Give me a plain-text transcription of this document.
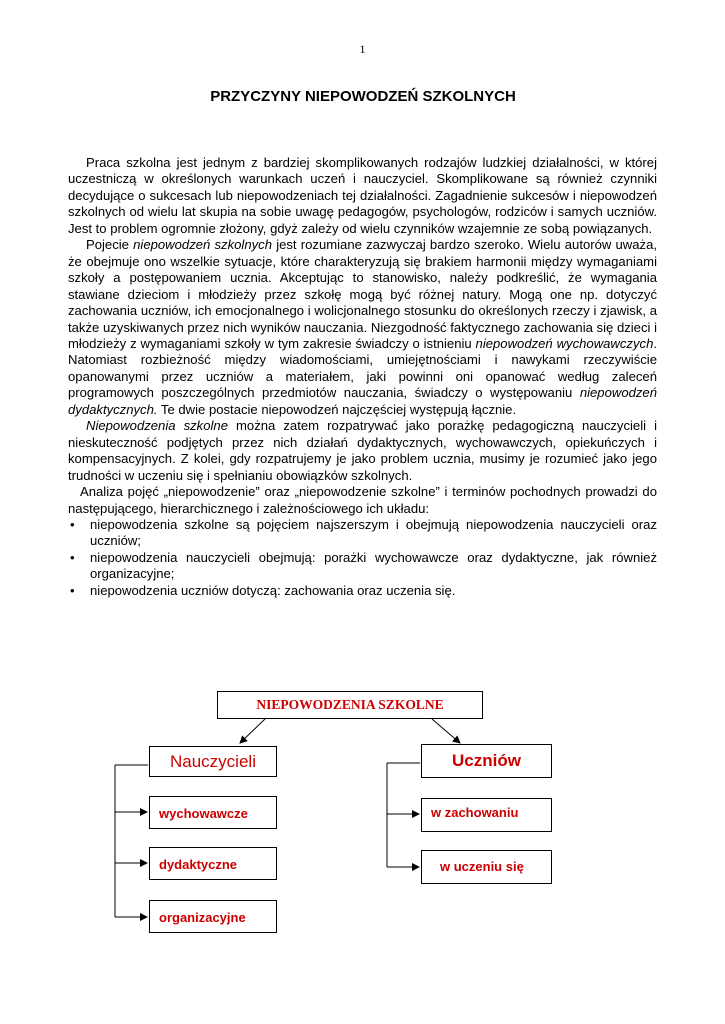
1
PRZYCZYNY NIEPOWODZEŃ SZKOLNYCH

Praca szkolna jest jednym z bardziej skomplikowanych rodzajów ludzkiej działalności, w której uczestniczą w określonych warunkach uczeń i nauczyciel. Skomplikowane są również czynniki decydujące o sukcesach lub niepowodzeniach tej działalności. Zagadnienie sukcesów i niepowodzeń szkolnych od wielu lat skupia na sobie uwagę pedagogów, psychologów, rodziców i samych uczniów. Jest to problem ogromnie złożony, gdyż zależy od wielu czynników wzajemnie ze sobą powiązanych.

Pojecie niepowodzeń szkolnych jest rozumiane zazwyczaj bardzo szeroko. Wielu autorów uważa, że obejmuje ono wszelkie sytuacje, które charakteryzują się brakiem harmonii między wymaganiami szkoły a postępowaniem ucznia. Akceptując to stanowisko, należy podkreślić, że wymagania stawiane dzieciom i młodzieży przez szkołę mogą być różnej natury. Mogą one np. dotyczyć zachowania uczniów, ich emocjonalnego i wolicjonalnego stosunku do określonych rzeczy i zjawisk, a także uzyskiwanych przez nich wyników nauczania. Niezgodność faktycznego zachowania się dzieci i młodzieży z wymaganiami szkoły w tym zakresie świadczy o istnieniu niepowodzeń wychowawczych. Natomiast rozbieżność między wiadomościami, umiejętnościami i nawykami rzeczywiście opanowanymi przez uczniów a materiałem, jaki powinni oni opanować według zaleceń programowych poszczególnych przedmiotów nauczania, świadczy o występowaniu niepowodzeń dydaktycznych. Te dwie postacie niepowodzeń najczęściej występują łącznie.

Niepowodzenia szkolne można zatem rozpatrywać jako porażkę pedagogiczną nauczycieli i nieskuteczność podjętych przez nich działań dydaktycznych, wychowawczych, opiekuńczych i kompensacyjnych. Z kolei, gdy rozpatrujemy je jako problem ucznia, musimy je rozumieć jako jego trudności w uczeniu się i spełnianiu obowiązków szkolnych.

Analiza pojęć „niepowodzenie” oraz „niepowodzenie szkolne” i terminów pochodnych prowadzi do następującego, hierarchicznego i zależnościowego ich układu:

• niepowodzenia szkolne są pojęciem najszerszym i obejmują niepowodzenia nauczycieli oraz uczniów;
• niepowodzenia nauczycieli obejmują: porażki wychowawcze oraz dydaktyczne, jak również organizacyjne;
• niepowodzenia uczniów dotyczą: zachowania oraz uczenia się.
NIEPOWODZENIA SZKOLNE
Nauczycieli
wychowawcze
dydaktyczne
organizacyjne
Uczniów
w zachowaniu
w uczeniu się
